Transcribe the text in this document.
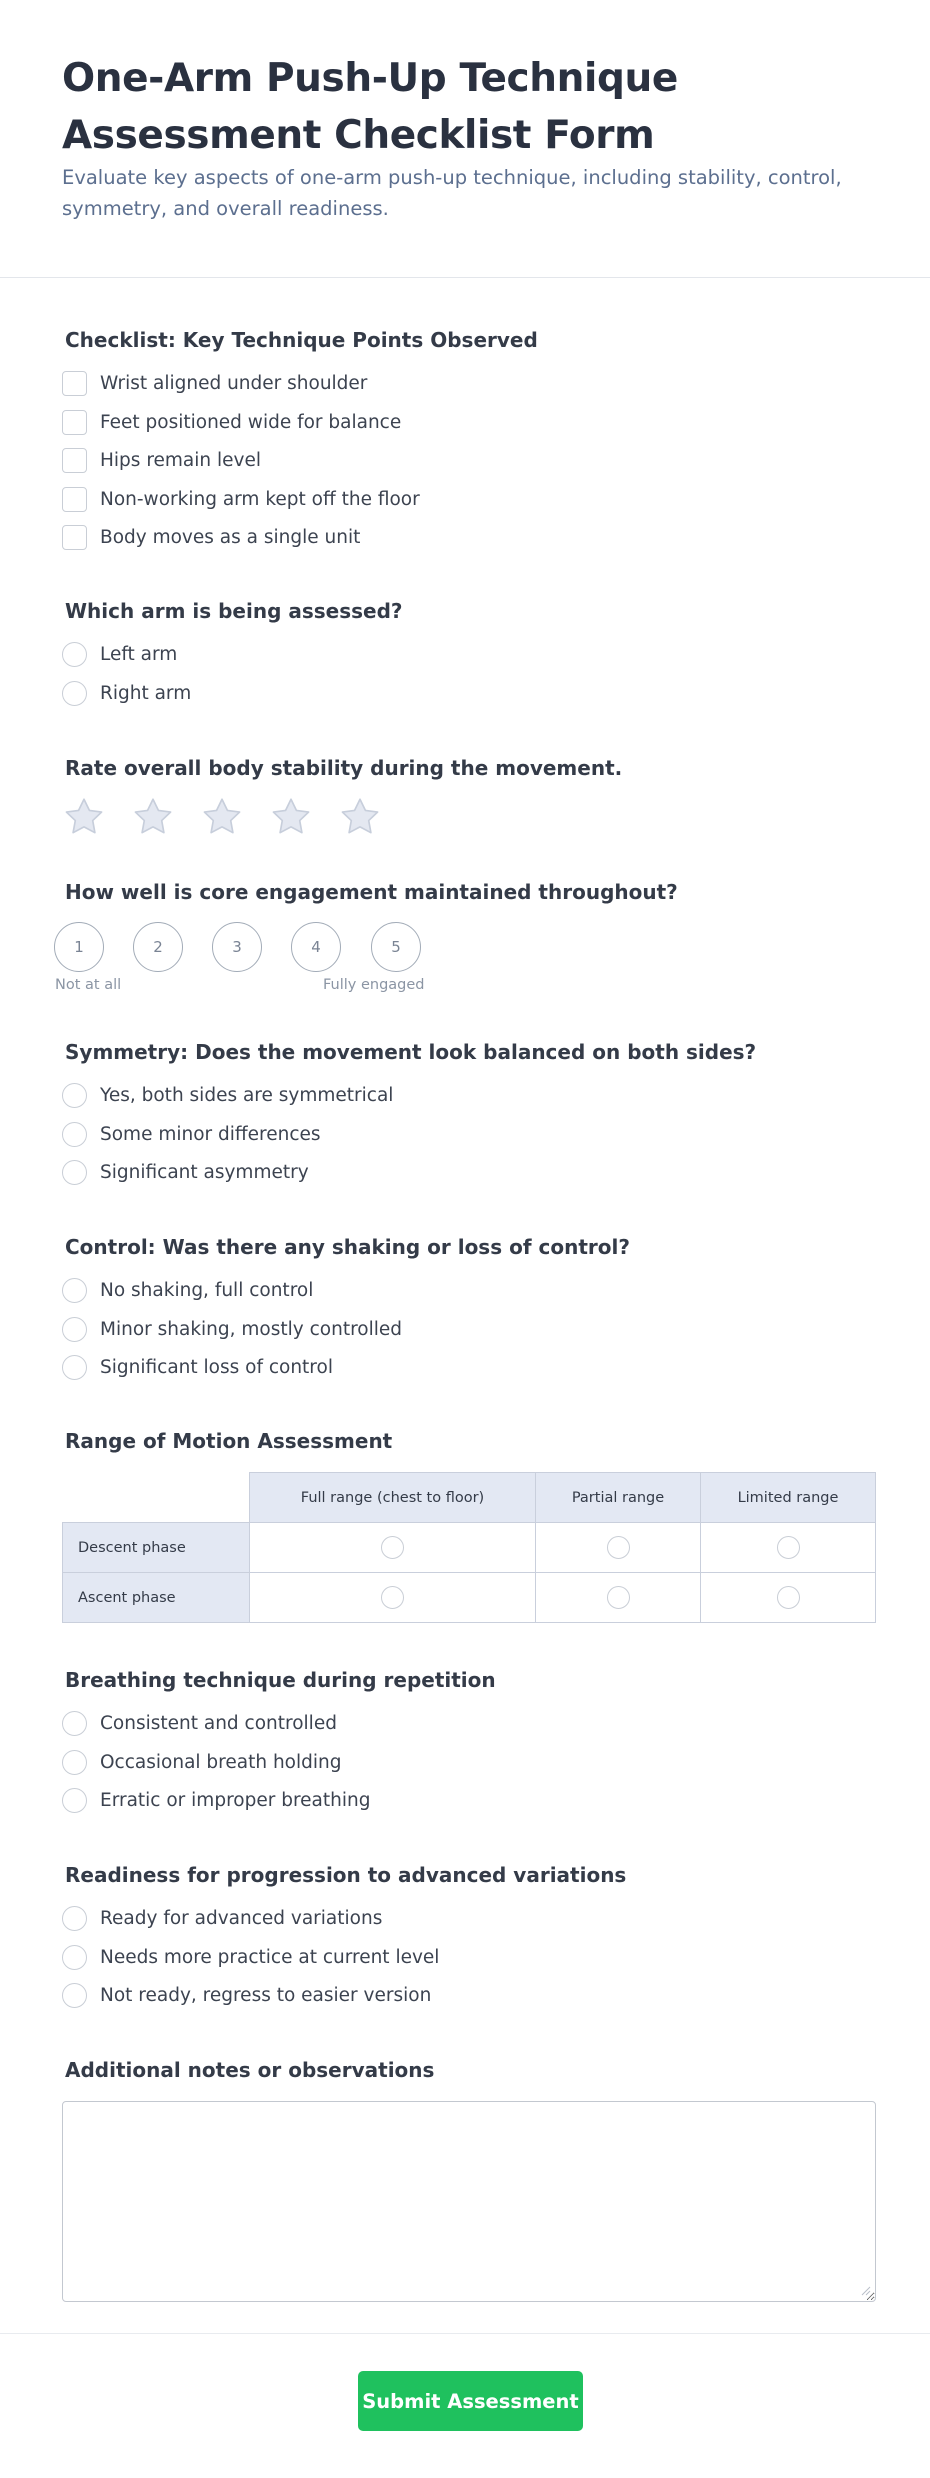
One-Arm Push-Up Technique Assessment Checklist Form

Evaluate key aspects of one-arm push-up technique, including stability, control, symmetry, and overall readiness.

Checklist: Key Technique Points Observed
Wrist aligned under shoulder
Feet positioned wide for balance
Hips remain level
Non-working arm kept off the floor
Body moves as a single unit
Which arm is being assessed?
Left arm
Right arm
Rate overall body stability during the movement.
How well is core engagement maintained throughout?
1	2	3	4	5
Not at all	Fully engaged
Symmetry: Does the movement look balanced on both sides?
Yes, both sides are symmetrical
Some minor differences
Significant asymmetry
Control: Was there any shaking or loss of control?
No shaking, full control
Minor shaking, mostly controlled
Significant loss of control
Range of Motion Assessment
Full range (chest to floor)	Partial range	Limited range
Descent phase
Ascent phase
Breathing technique during repetition
Consistent and controlled
Occasional breath holding
Erratic or improper breathing
Readiness for progression to advanced variations
Ready for advanced variations
Needs more practice at current level
Not ready, regress to easier version
Additional notes or observations
Submit Assessment
